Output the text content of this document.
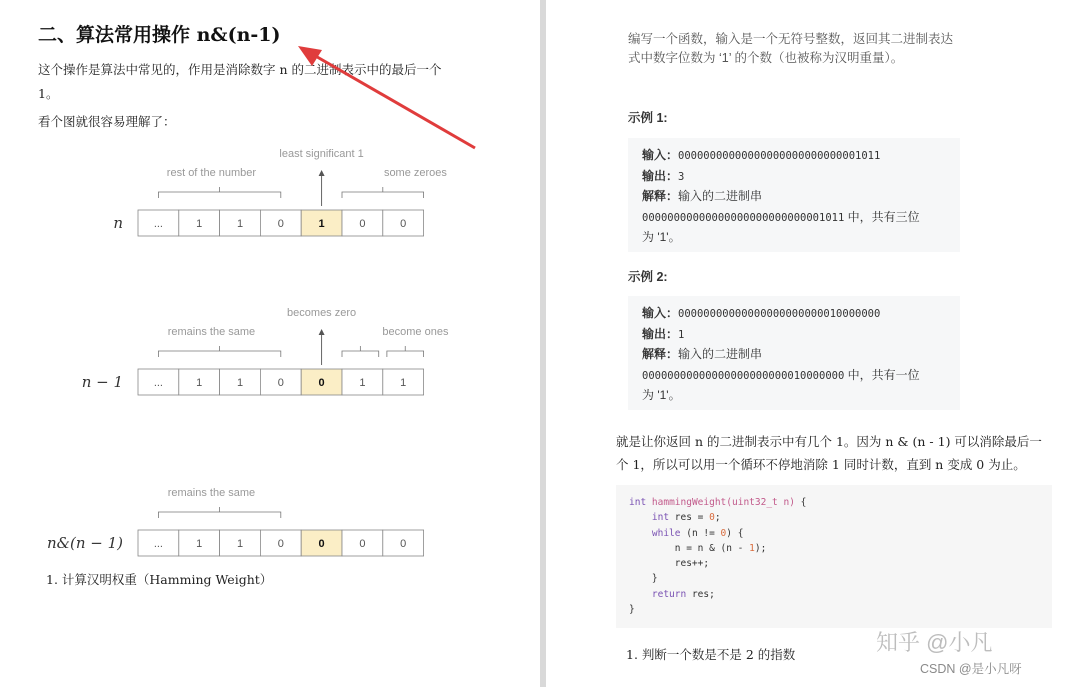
二、算法常用操作 n&(n-1)
这个操作是算法中常见的，作用是消除数字 n 的二进制表示中的最后一个
1。
看个图就很容易理解了：
n	...	1	1	0	1	0	0
rest of the number	some zeroes
least significant 1
n − 1	...	1	1	0	0	1	1
remains the same	become ones
becomes zero
n&(n − 1)	...	1	1	0	0	0	0
remains the same
1. 计算汉明权重（Hamming Weight）
编写一个函数，输入是一个无符号整数，返回其二进制表达
式中数字位数为 ‘1’ 的个数（也被称为汉明重量）。
示例 1:
输入：00000000000000000000000000001011
输出：3
解释：输入的二进制串
00000000000000000000000000001011 中，共有三位
为 '1'。
示例 2:
输入：00000000000000000000000010000000
输出：1
解释：输入的二进制串
00000000000000000000000010000000 中，共有一位
为 '1'。
就是让你返回 n 的二进制表示中有几个 1。因为 n & (n - 1) 可以消除最后一
个 1，所以可以用一个循环不停地消除 1 同时计数，直到 n 变成 0 为止。
int hammingWeight(uint32_t n) {
int res = 0;
while (n != 0) {
n = n & (n - 1);
res++;
}
return res;
}
1. 判断一个数是不是 2 的指数	知乎 @小凡
CSDN @是小凡呀
